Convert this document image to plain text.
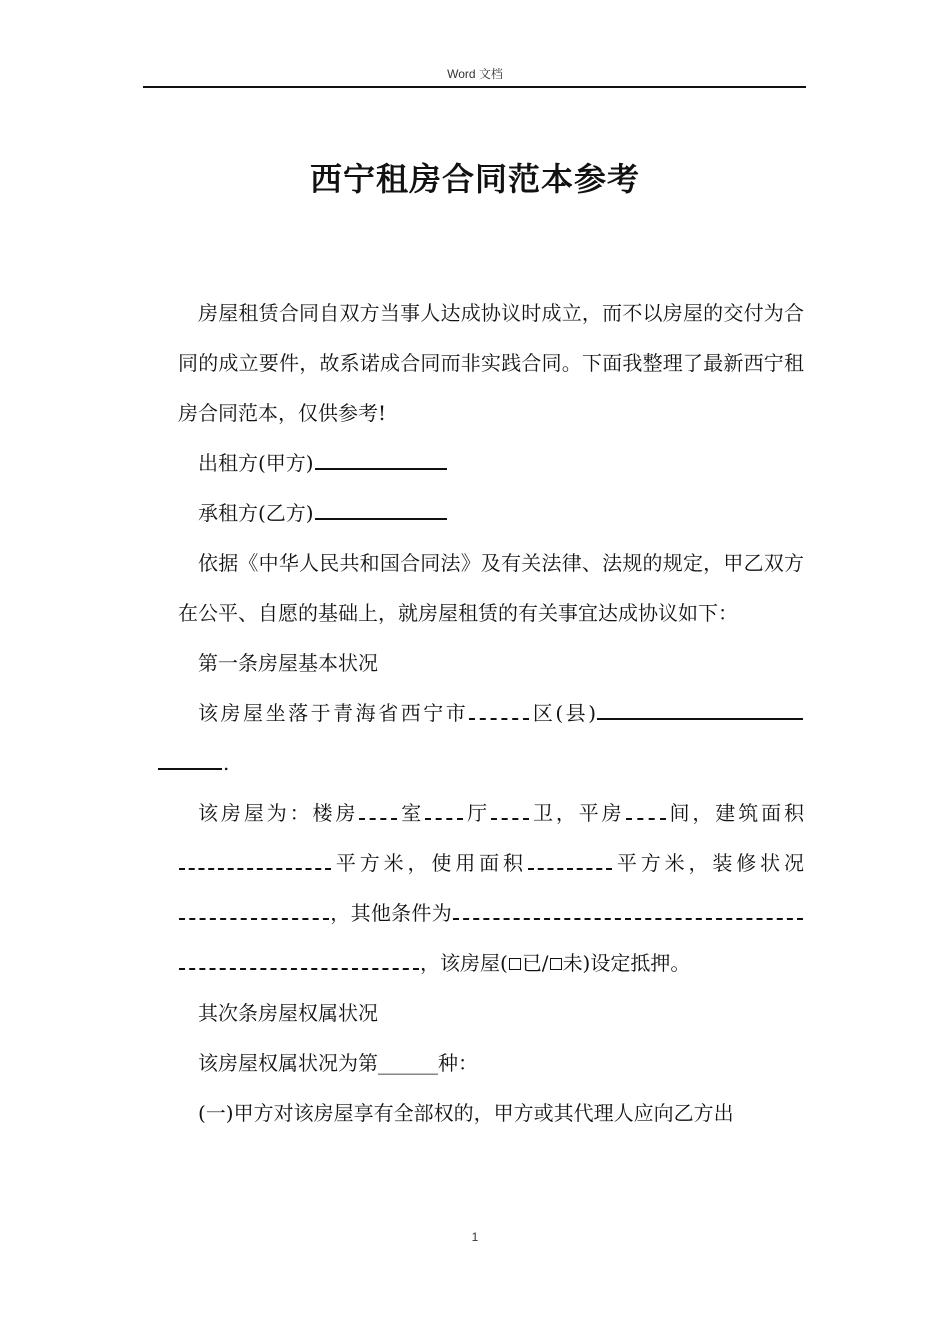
Word 文档
西宁租房合同范本参考

房屋租赁合同自双方当事人达成协议时成立，而不以房屋的交付为合同的成立要件，故系诺成合同而非实践合同。下面我整理了最新西宁租房合同范本，仅供参考!

出租方(甲方)

承租方(乙方)

依据《中华人民共和国合同法》及有关法律、法规的规定，甲乙双方在公平、自愿的基础上，就房屋租赁的有关事宜达成协议如下：

第一条房屋基本状况

该房屋坐落于青海省西宁市	区(县).

该房屋为：楼房 室 厅 卫，平房 间，建筑面积平方米，使用面积	平方米，装修状况，其他条件为，该房屋( 已/ 未)设定抵押。

其次条房屋权属状况

该房屋权属状况为第______种：

(一)甲方对该房屋享有全部权的，甲方或其代理人应向乙方出

1
